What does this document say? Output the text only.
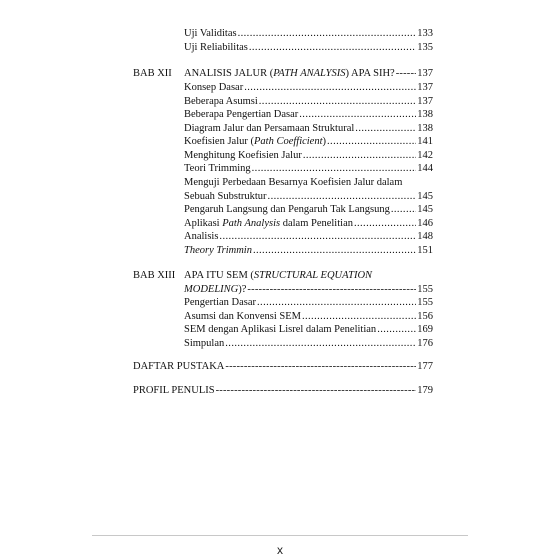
Uji Validitas .....	133
Uji Reliabilitas .....	135
BAB XII ANALISIS JALUR (PATH ANALYSIS) APA SIH? ----- 137
Konsep Dasar .....	137
Beberapa Asumsi .....	137
Beberapa Pengertian Dasar .....	138
Diagram Jalur dan Persamaan Struktural .....	138
Koefisien Jalur (Path Coefficient) .....	141
Menghitung Koefisien Jalur .....	142
Teori Trimming .....	144
Menguji Perbedaan Besarnya Koefisien Jalur dalam
Sebuah Substruktur .....	145
Pengaruh Langsung dan Pengaruh Tak Langsung .....	145
Aplikasi Path Analysis dalam Penelitian .....	146
Analisis .....	148
Theory Trimmin .....	151
BAB XIII APA ITU SEM (STRUCTURAL EQUATION
MODELING)? -----	155
Pengertian Dasar .....	155
Asumsi dan Konvensi SEM .....	156
SEM dengan Aplikasi Lisrel dalam Penelitian .....	169
Simpulan .....	176
DAFTAR PUSTAKA -----	177
PROFIL PENULIS -----	179
x
